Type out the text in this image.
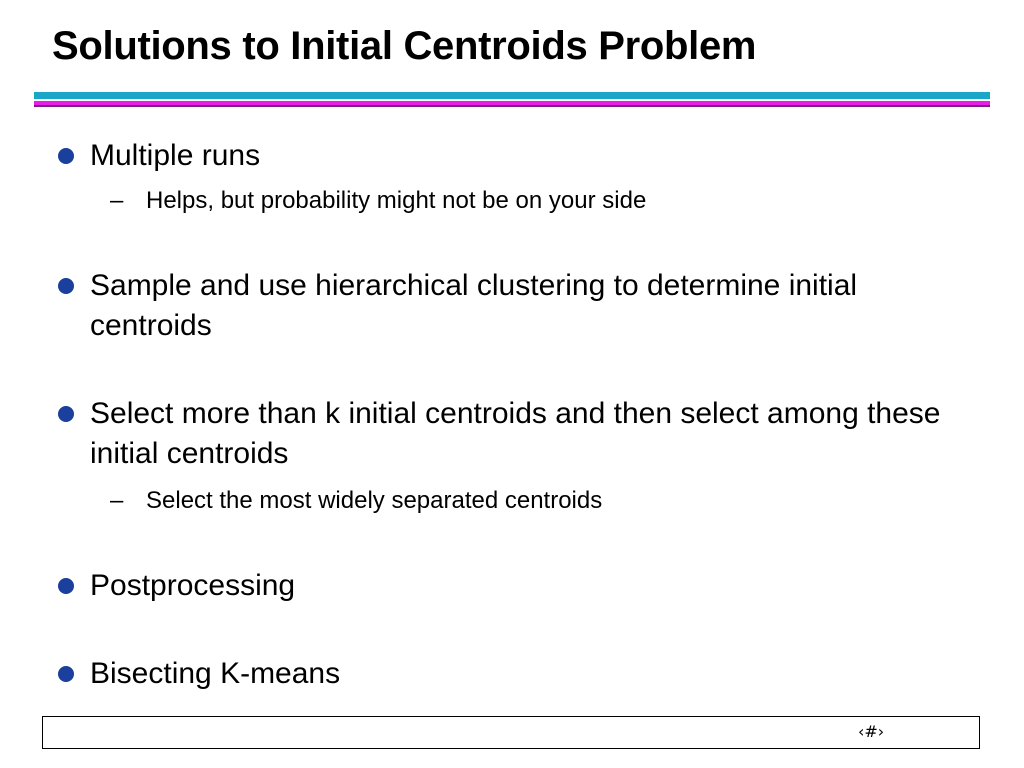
Solutions to Initial Centroids Problem
Multiple runs
– Helps, but probability might not be on your side
Sample and use hierarchical clustering to determine initial centroids
Select more than k initial centroids and then select among these initial centroids
– Select the most widely separated centroids
Postprocessing
Bisecting K-means
‹#›
